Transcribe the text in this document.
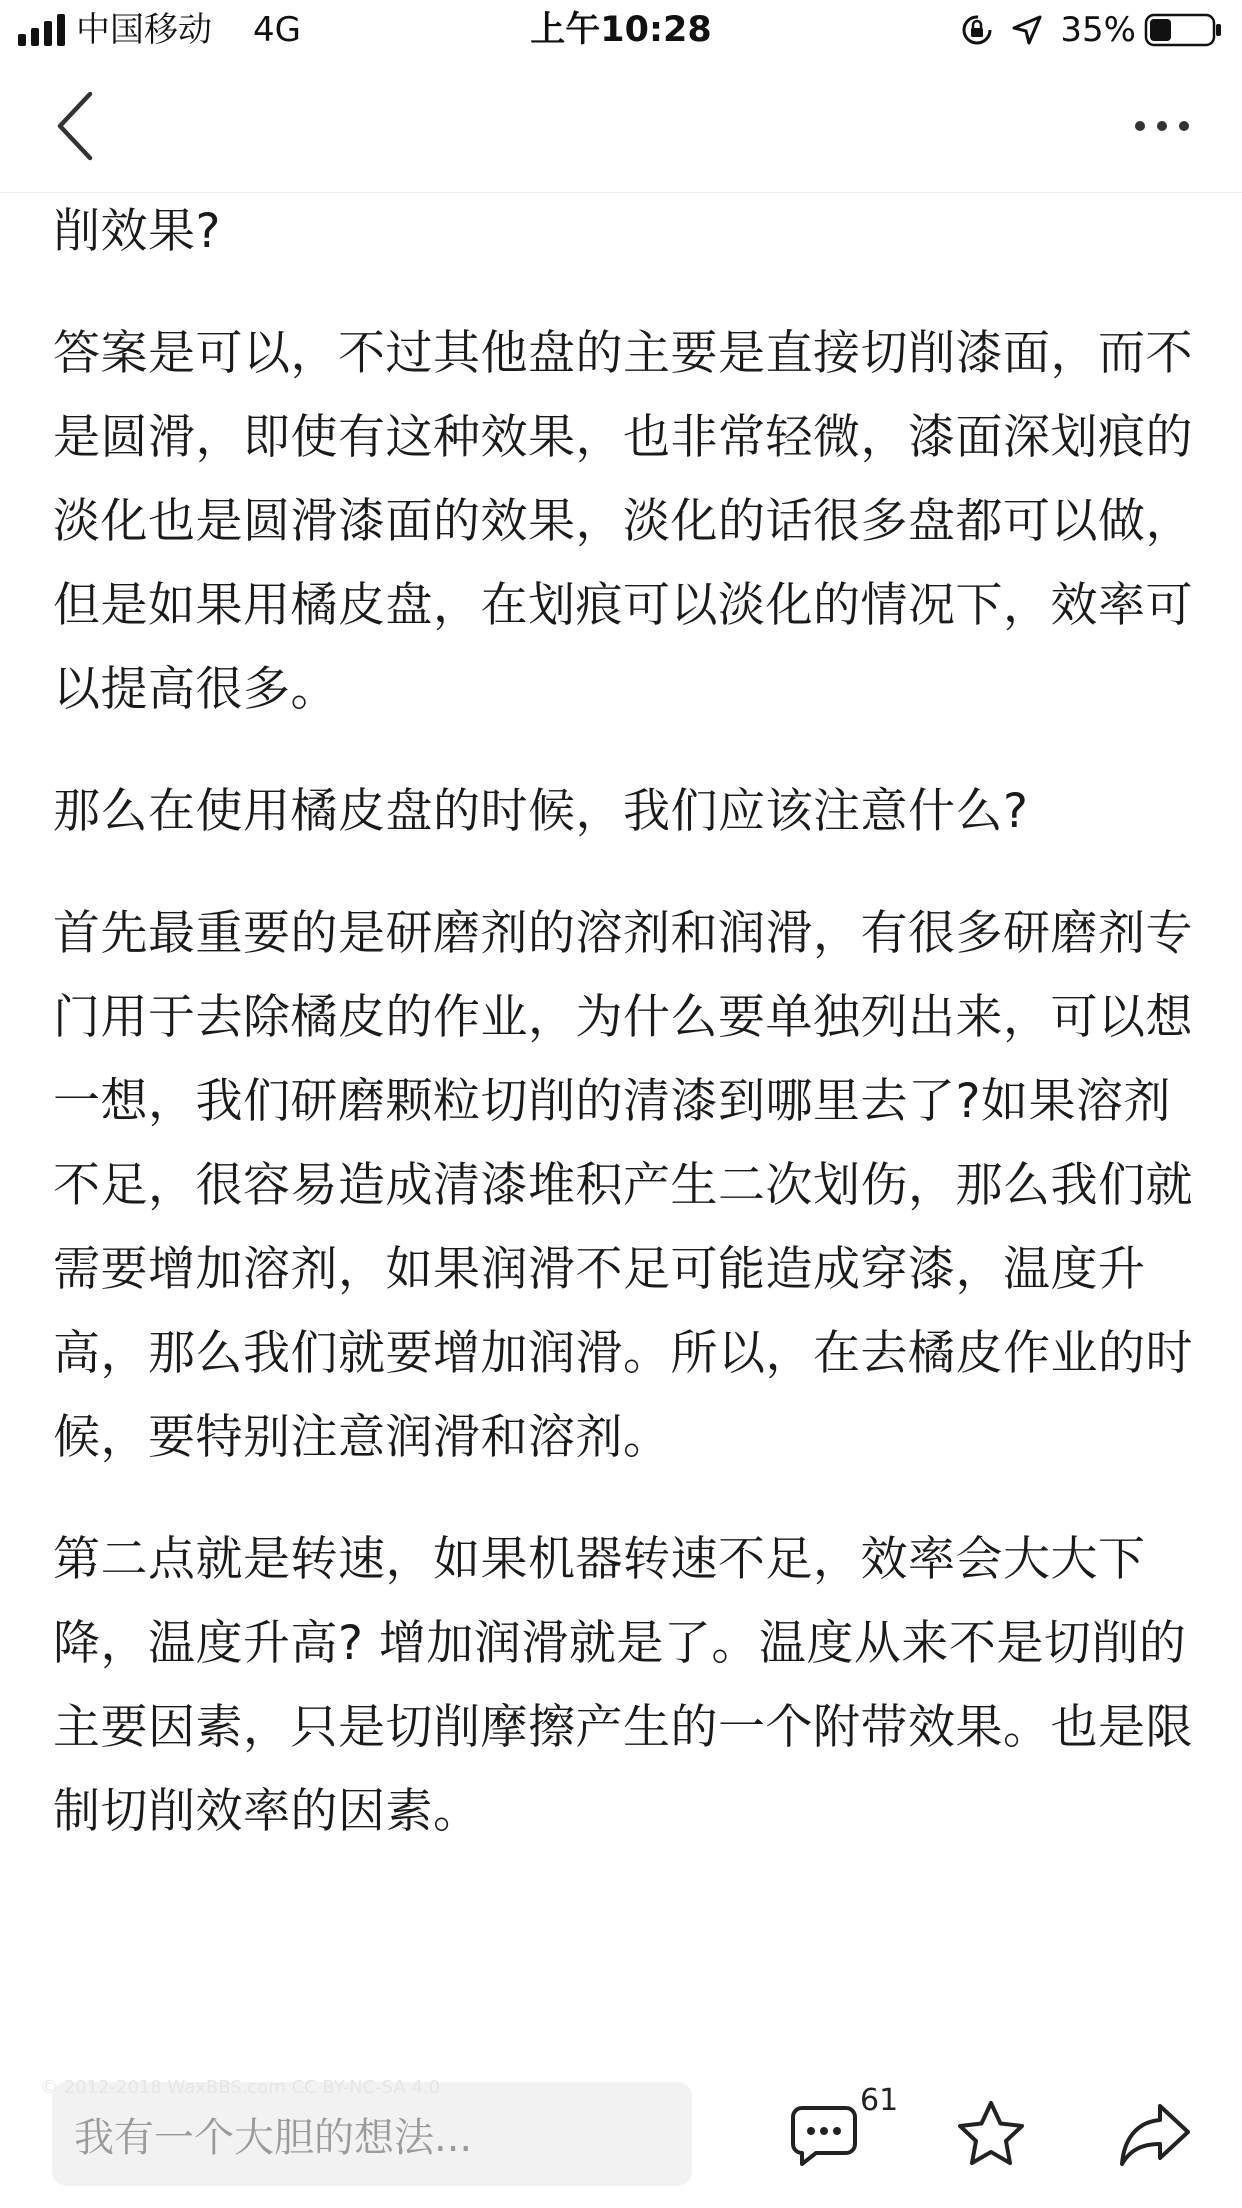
中国移动 4G	上午10:28	35%

削效果?

答案是可以，不过其他盘的主要是直接切削漆面，而不是圆滑，即使有这种效果，也非常轻微，漆面深划痕的淡化也是圆滑漆面的效果，淡化的话很多盘都可以做，但是如果用橘皮盘，在划痕可以淡化的情况下，效率可以提高很多。

那么在使用橘皮盘的时候，我们应该注意什么?

首先最重要的是研磨剂的溶剂和润滑，有很多研磨剂专门用于去除橘皮的作业，为什么要单独列出来，可以想一想，我们研磨颗粒切削的清漆到哪里去了?如果溶剂不足，很容易造成清漆堆积产生二次划伤，那么我们就需要增加溶剂，如果润滑不足可能造成穿漆，温度升高，那么我们就要增加润滑。所以，在去橘皮作业的时候，要特别注意润滑和溶剂。

第二点就是转速，如果机器转速不足，效率会大大下降，温度升高? 增加润滑就是了。温度从来不是切削的主要因素，只是切削摩擦产生的一个附带效果。也是限制切削效率的因素。

我有一个大胆的想法...
61
© 2012-2018 WaxBBS.com CC BY-NC-SA 4.0
